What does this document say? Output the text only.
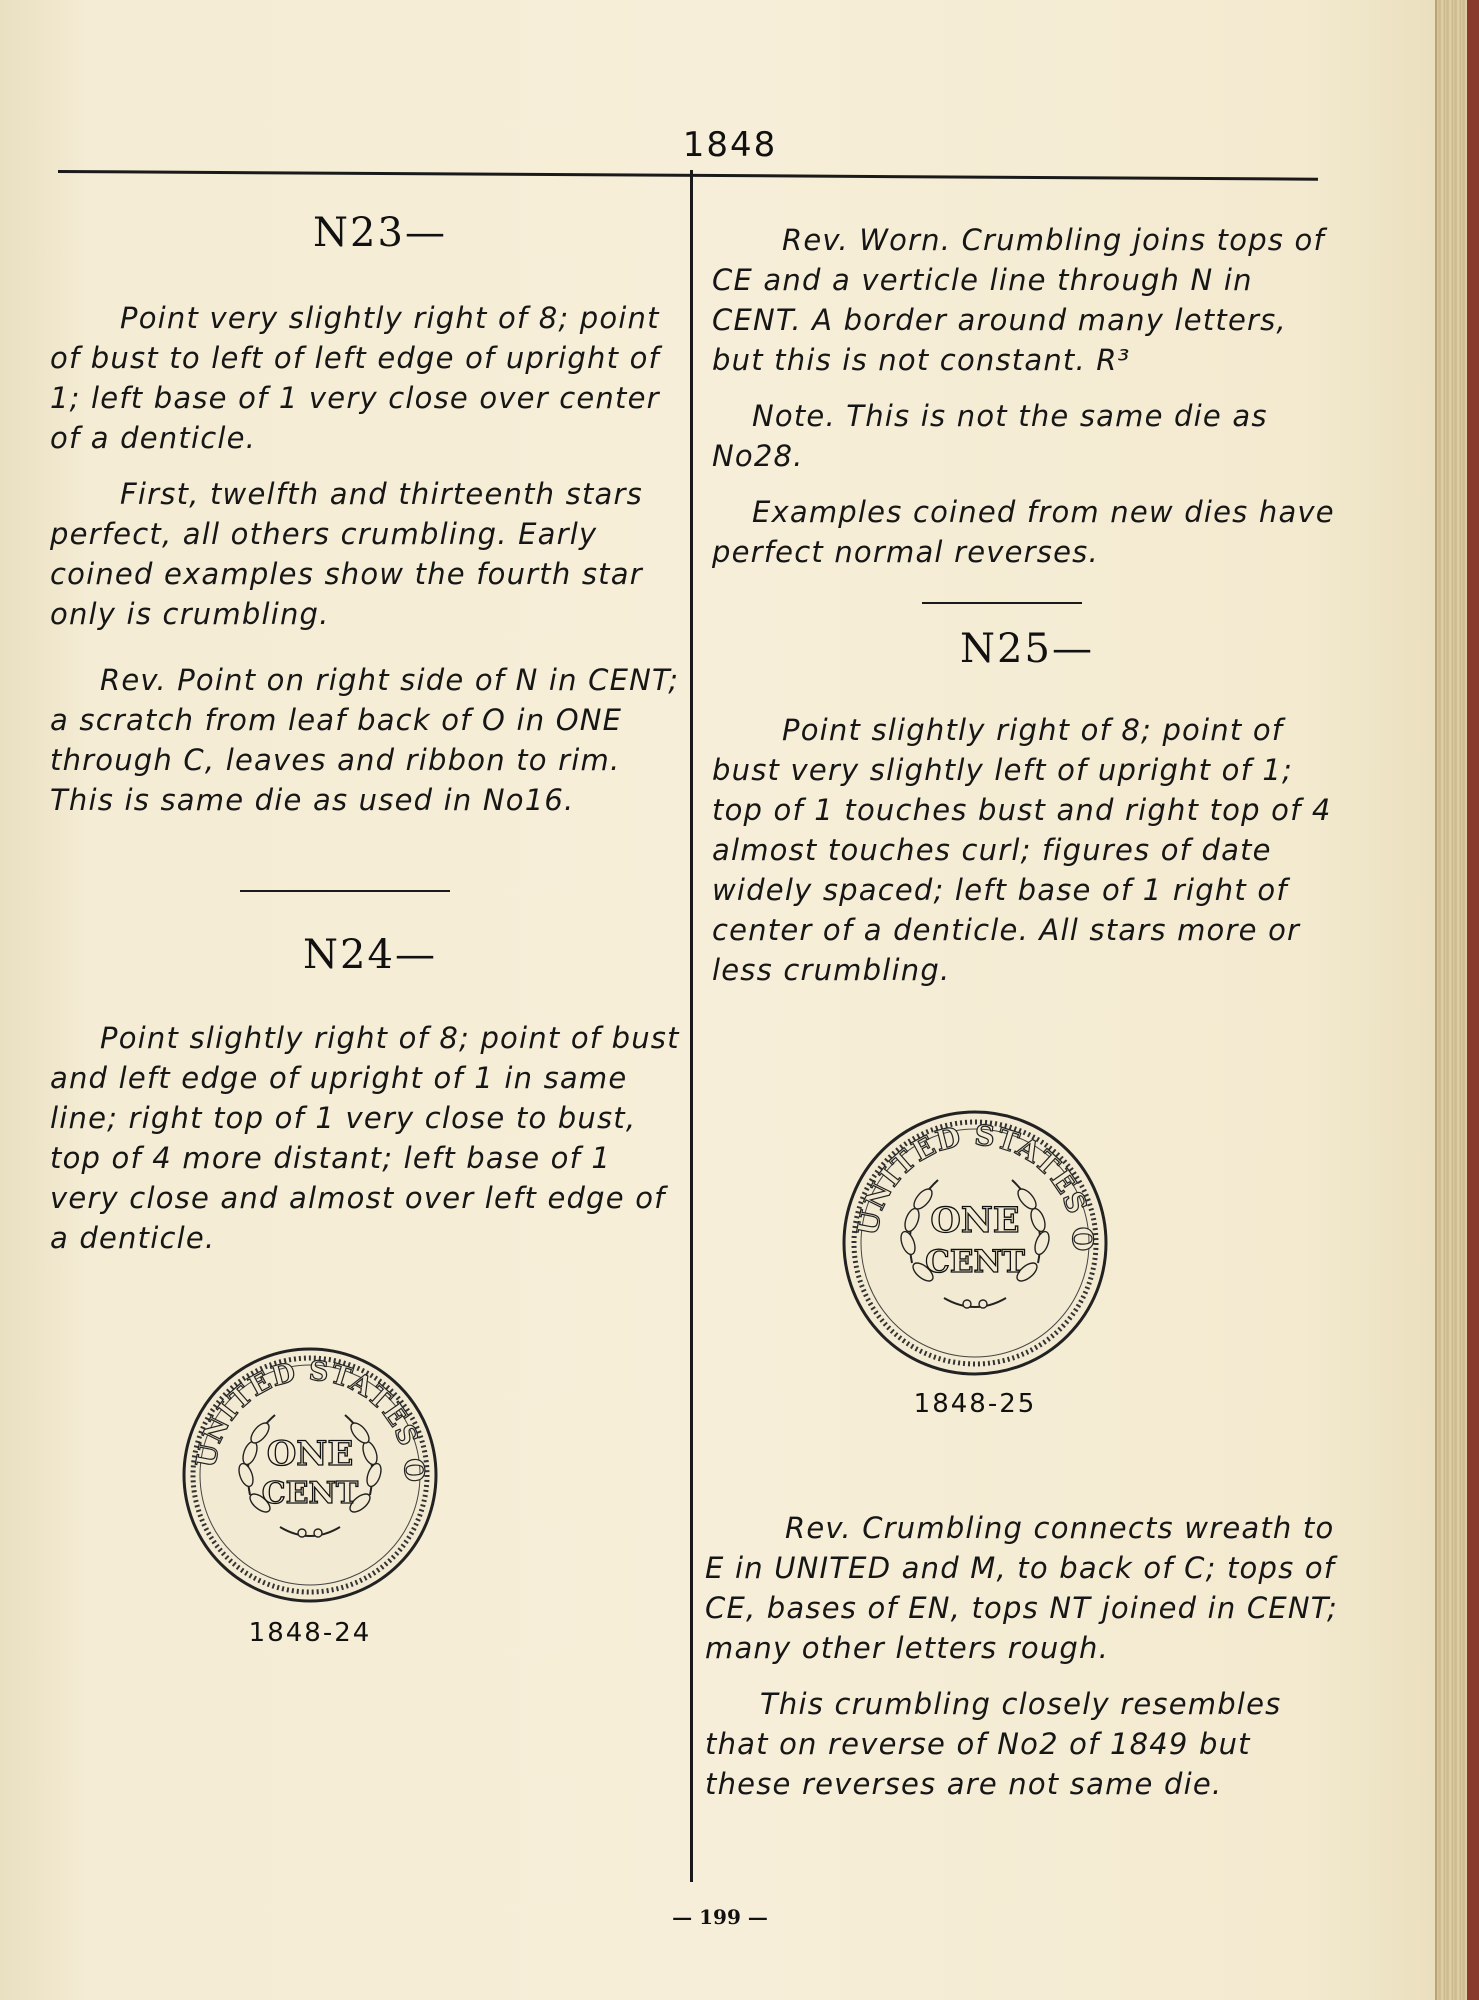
1848
N23—

Point very slightly right of 8; point of bust to left of left edge of upright of 1; left base of 1 very close over center of a denticle.

First, twelfth and thirteenth stars perfect, all others crumbling. Early coined examples show the fourth star only is crumbling.

Rev. Point on right side of N in CENT; a scratch from leaf back of O in ONE through C, leaves and ribbon to rim. This is same die as used in No16.

N24—

Point slightly right of 8; point of bust and left edge of upright of 1 in same line; right top of 1 very close to bust, top of 4 more distant; left base of 1 very close and almost over left edge of a denticle.

UNITED STATES O
ONE
CENT
1848-24

Rev. Worn. Crumbling joins tops of CE and a verticle line through N in CENT. A border around many letters, but this is not constant. R³

Note. This is not the same die as No28.

Examples coined from new dies have perfect normal reverses.

N25—

Point slightly right of 8; point of bust very slightly left of upright of 1; top of 1 touches bust and right top of 4 almost touches curl; figures of date widely spaced; left base of 1 right of center of a denticle. All stars more or less crumbling.

UNITED STATES O
ONE
CENT
1848-25

Rev. Crumbling connects wreath to E in UNITED and M, to back of C; tops of CE, bases of EN, tops NT joined in CENT; many other letters rough.

This crumbling closely resembles that on reverse of No2 of 1849 but these reverses are not same die.

— 199 —
